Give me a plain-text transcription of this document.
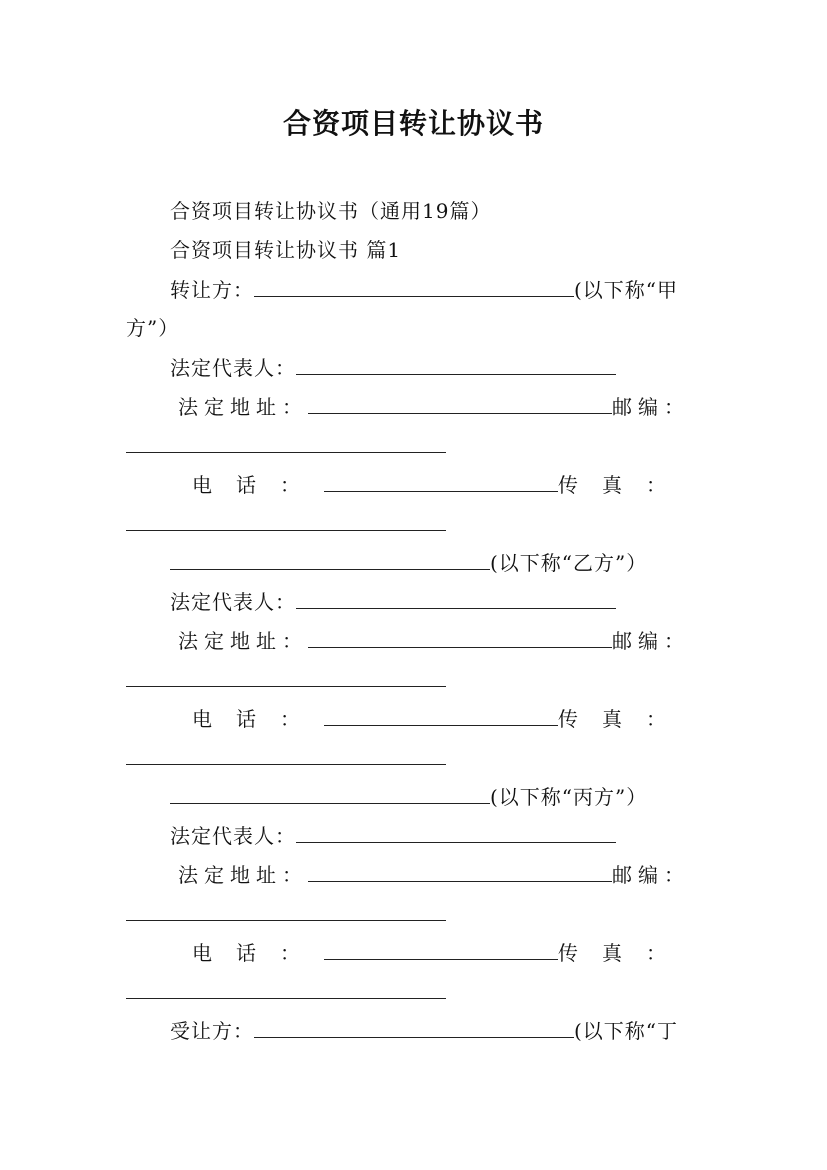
合资项目转让协议书
合资项目转让协议书（通用19篇）
合资项目转让协议书 篇1
转让方：	(以下称“甲
方”）
法定代表人：
法定地址：	邮编：
电话：	传真：
(以下称“乙方”）
法定代表人：
法定地址：	邮编：
电话：	传真：
(以下称“丙方”）
法定代表人：
法定地址：	邮编：
电话：	传真：
受让方：	(以下称“丁
